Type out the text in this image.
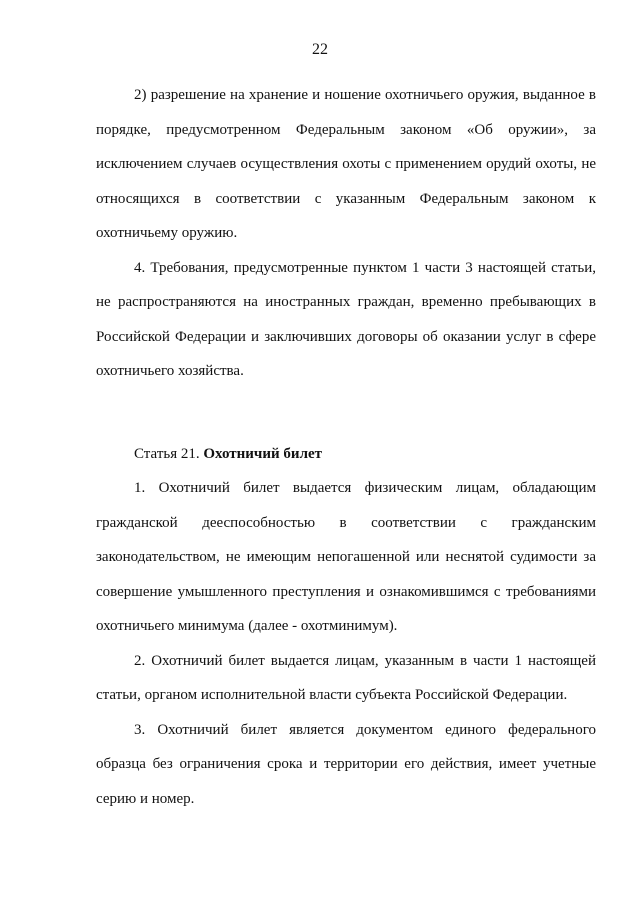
22

2) разрешение на хранение и ношение охотничьего оружия, выданное в порядке, предусмотренном Федеральным законом «Об оружии», за исключением случаев осуществления охоты с применением орудий охоты, не относящихся в соответствии с указанным Федеральным законом к охотничьему оружию.

4. Требования, предусмотренные пунктом 1 части 3 настоящей статьи, не распространяются на иностранных граждан, временно пребывающих в Российской Федерации и заключивших договоры об оказании услуг в сфере охотничьего хозяйства.

Статья 21. Охотничий билет

1. Охотничий билет выдается физическим лицам, обладающим гражданской дееспособностью в соответствии с гражданским законодательством, не имеющим непогашенной или неснятой судимости за совершение умышленного преступления и ознакомившимся с требованиями охотничьего минимума (далее - охотминимум).

2. Охотничий билет выдается лицам, указанным в части 1 настоящей статьи, органом исполнительной власти субъекта Российской Федерации.

3. Охотничий билет является документом единого федерального образца без ограничения срока и территории его действия, имеет учетные серию и номер.
